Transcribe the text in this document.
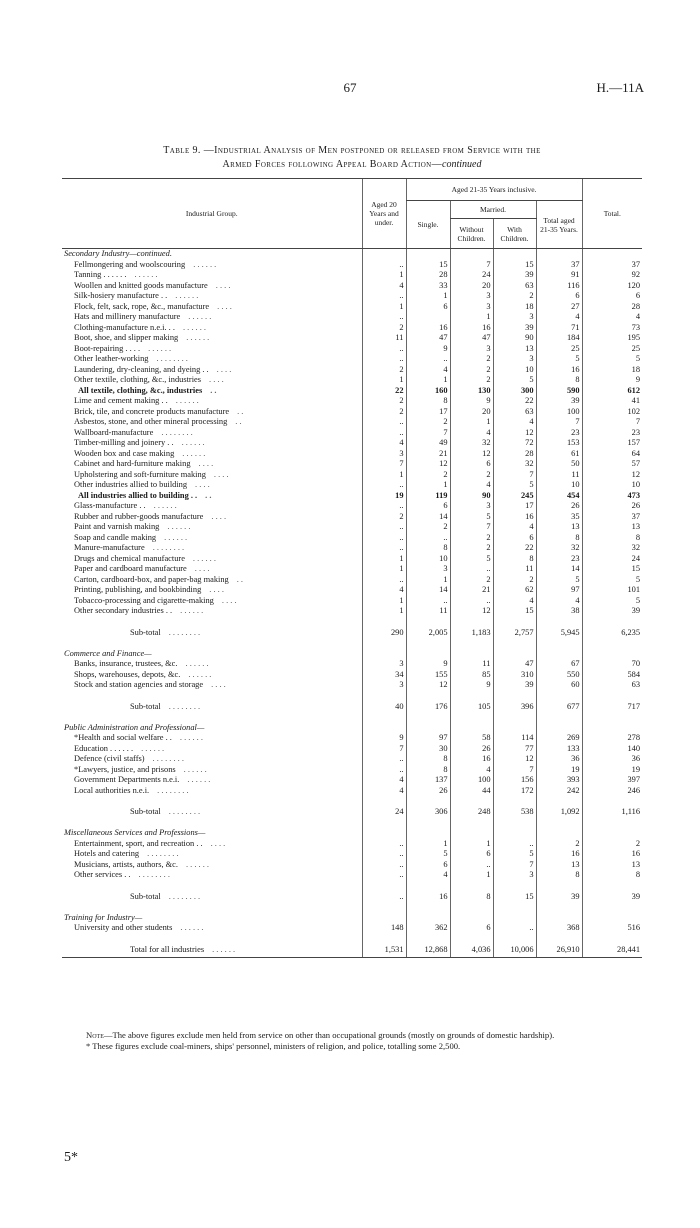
67	H.—11A
Table 9. —Industrial Analysis of Men postponed or released from Service with the
Armed Forces following Appeal Board Action—continued
Industrial Group.	Aged 20 Years and under.	Aged 21-35 Years inclusive.				Total.
		Single.	Married.		Total aged 21-35 Years.	
			Without Children.	With Children.		
Secondary Industry—continued.						
Fellmongering and woolscouring . . . . . .	..	15	7	15	37	37
Tanning . . . . . . . . . . . .	1	28	24	39	91	92
Woollen and knitted goods manufacture . . . .	4	33	20	63	116	120
Silk-hosiery manufacture . . . . . . . .	..	1	3	2	6	6
Flock, felt, sack, rope, &c., manufacture . . . .	1	6	3	18	27	28
Hats and millinery manufacture . . . . . .	..		1	3	4	4
Clothing-manufacture n.e.i. . . . . . . . .	2	16	16	39	71	73
Boot, shoe, and slipper making . . . . . .	11	47	47	90	184	195
Boot-repairing . . . . . . . . . .	..	9	3	13	25	25
Other leather-working . . . . . . . .	..	..	2	3	5	5
Laundering, dry-cleaning, and dyeing . . . . . .	2	4	2	10	16	18
Other textile, clothing, &c., industries . . . .	1	1	2	5	8	9
All textile, clothing, &c., industries . .	22	160	130	300	590	612
Lime and cement making . . . . . . . .	2	8	9	22	39	41
Brick, tile, and concrete products manufacture . .	2	17	20	63	100	102
Asbestos, stone, and other mineral processing . .	..	2	1	4	7	7
Wallboard-manufacture . . . . . . . .	..	7	4	12	23	23
Timber-milling and joinery . . . . . . . .	4	49	32	72	153	157
Wooden box and case making . . . . . .	3	21	12	28	61	64
Cabinet and hard-furniture making . . . .	7	12	6	32	50	57
Upholstering and soft-furniture making . . . .	1	2	2	7	11	12
Other industries allied to building . . . .	..	1	4	5	10	10
All industries allied to building . . . .	19	119	90	245	454	473
Glass-manufacture . . . . . . . .	..	6	3	17	26	26
Rubber and rubber-goods manufacture . . . .	2	14	5	16	35	37
Paint and varnish making . . . . . .	..	2	7	4	13	13
Soap and candle making . . . . . .	..	..	2	6	8	8
Manure-manufacture . . . . . . . .	..	8	2	22	32	32
Drugs and chemical manufacture . . . . . .	1	10	5	8	23	24
Paper and cardboard manufacture . . . .	1	3	..	11	14	15
Carton, cardboard-box, and paper-bag making . .	..	1	2	2	5	5
Printing, publishing, and bookbinding . . . .	4	14	21	62	97	101
Tobacco-processing and cigarette-making . . . .	1	..	..	4	4	5
Other secondary industries . . . . . . . .	1	11	12	15	38	39

Sub-total . . . . . . . .	290	2,005	1,183	2,757	5,945	6,235

Commerce and Finance—						
Banks, insurance, trustees, &c. . . . . . .	3	9	11	47	67	70
Shops, warehouses, depots, &c. . . . . . .	34	155	85	310	550	584
Stock and station agencies and storage . . . .	3	12	9	39	60	63

Sub-total . . . . . . . .	40	176	105	396	677	717

Public Administration and Professional—						
*Health and social welfare . . . . . . . .	9	97	58	114	269	278
Education . . . . . . . . . . . .	7	30	26	77	133	140
Defence (civil staffs) . . . . . . . .	..	8	16	12	36	36
*Lawyers, justice, and prisons . . . . . .	..	8	4	7	19	19
Government Departments n.e.i. . . . . . .	4	137	100	156	393	397
Local authorities n.e.i. . . . . . . . .	4	26	44	172	242	246

Sub-total . . . . . . . .	24	306	248	538	1,092	1,116

Miscellaneous Services and Professions—						
Entertainment, sport, and recreation . . . . . .	..	1	1	..	2	2
Hotels and catering . . . . . . . .	..	5	6	5	16	16
Musicians, artists, authors, &c. . . . . . .	..	6	..	7	13	13
Other services . . . . . . . . . .	..	4	1	3	8	8

Sub-total . . . . . . . .	..	16	8	15	39	39

Training for Industry—						
University and other students . . . . . .	148	362	6	..	368	516

Total for all industries . . . . . .	1,531	12,868	4,036	10,006	26,910	28,441

Note—The above figures exclude men held from service on other than occupational grounds (mostly on grounds of domestic hardship).

* These figures exclude coal-miners, ships' personnel, ministers of religion, and police, totalling some 2,500.

5*
